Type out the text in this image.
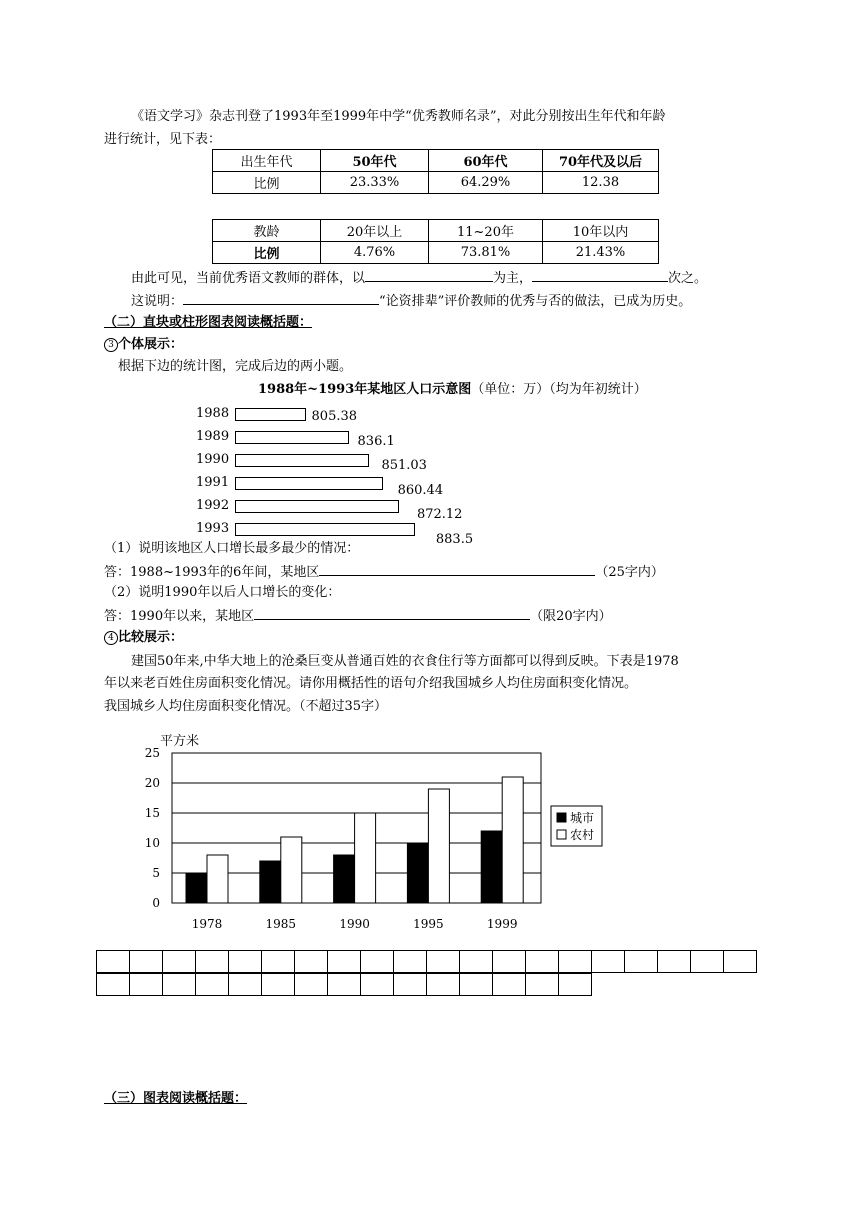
《语文学习》杂志刊登了1993年至1999年中学“优秀教师名录”，对此分别按出生年代和年龄
进行统计，见下表：
出生年代	50年代	60年代	70年代及以后
比例	23.33%	64.29%	12.38
教龄	20年以上	11~20年	10年以内
比例	4.76%	73.81%	21.43%
由此可见，当前优秀语文教师的群体，以	为主，	次之。
这说明：	“论资排辈”评价教师的优秀与否的做法，已成为历史。
（二）直块或柱形图表阅读概括题：
3 个体展示：
根据下边的统计图，完成后边的两小题。
1988年~1993年某地区人口示意图（单位：万）（均为年初统计）
1988	805.38
1989	836.1
1990	851.03
1991	860.44
1992
872.12
1993
883.5
（1）说明该地区人口增长最多最少的情况：
答：1988~1993年的6年间，某地区	（25字内）
（2）说明1990年以后人口增长的变化：
答：1990年以来，某地区	（限20字内）
4 比较展示：
建国50年来,中华大地上的沧桑巨变从普通百姓的衣食住行等方面都可以得到反映。下表是1978
年以来老百姓住房面积变化情况。请你用概括性的语句介绍我国城乡人均住房面积变化情况。
我国城乡人均住房面积变化情况。（不超过35字）
0
5
10
15
20
25
平方米
1978	1985	1990	1995	1999
城市
农村

（三）图表阅读概括题：
